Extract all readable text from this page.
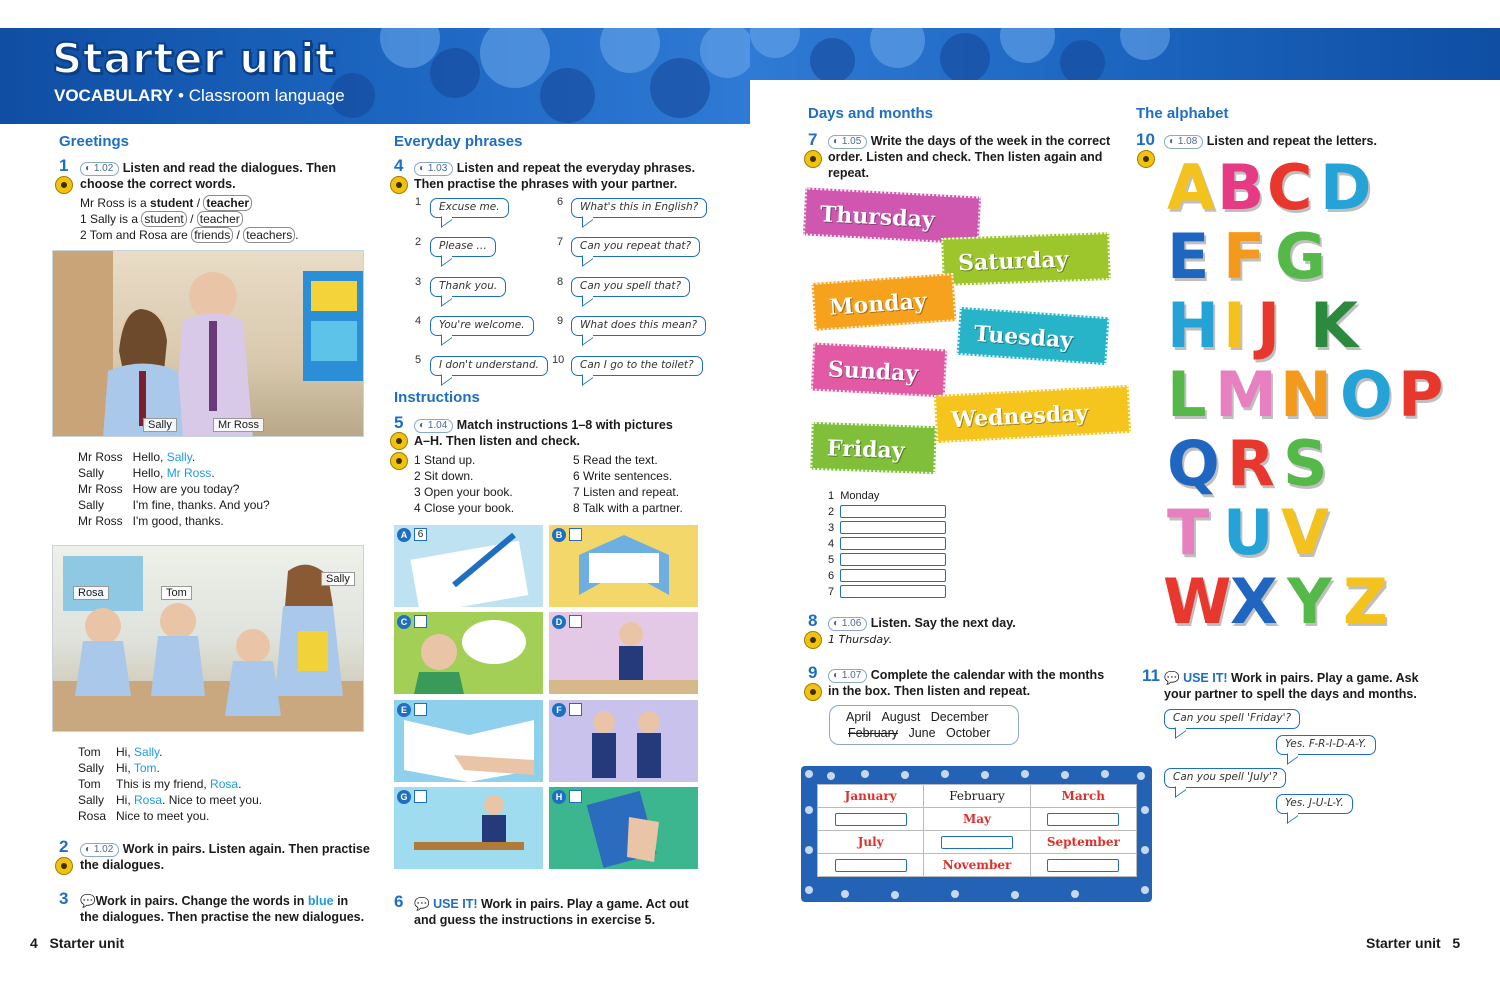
Starter unit
VOCABULARY • Classroom language
Greetings
1	◐ 1.02 Listen and read the dialogues. Then
choose the correct words.
Mr Ross is a student / teacher
1 Sally is a student / teacher
2 Tom and Rosa are friends / teachers .
Sally	Mr Ross
Mr Ross	Hello, Sally.
Sally	Hello, Mr Ross.
Mr Ross	How are you today?
Sally	I'm fine, thanks. And you?
Mr Ross	I'm good, thanks.
Rosa	Tom
Sally
Tom	Hi, Sally.
Sally	Hi, Tom.
Tom	This is my friend, Rosa.
Sally	Hi, Rosa. Nice to meet you.
Rosa	Nice to meet you.
2	◐ 1.02 Work in pairs. Listen again. Then practise
the dialogues.
3 💬Work in pairs. Change the words in blue in
the dialogues. Then practise the new dialogues.
Everyday phrases
4	◐ 1.03 Listen and repeat the everyday phrases.
Then practise the phrases with your partner.
1	Excuse me.
2	Please …
3	Thank you.
4	You're welcome.
5	I don't understand.
6	What's this in English?
7	Can you repeat that?
8	Can you spell that?
9	What does this mean?
10	Can I go to the toilet?
Instructions
5	◐ 1.04 Match instructions 1–8 with pictures
A–H. Then listen and check.
1 Stand up.
2 Sit down.
3 Open your book.
4 Close your book.
5 Read the text.
6 Write sentences.
7 Listen and repeat.
8 Talk with a partner.
A	6	B
C	D
E	F
G	H
6 💬 USE IT! Work in pairs. Play a game. Act out
and guess the instructions in exercise 5.
Days and months
7	◐ 1.05 Write the days of the week in the correct
order. Listen and check. Then listen again and
repeat.
Thursday
Saturday
Monday
Tuesday
Sunday
Wednesday
Friday
1 Monday
2
3
4
5
6
7
8	◐ 1.06 Listen. Say the next day.
1 Thursday.
9	◐ 1.07 Complete the calendar with the months
in the box. Then listen and repeat.
April August December
February June October
January	February	March
	May	
July		September
	November	
The alphabet
10	◐ 1.08 Listen and repeat the letters.
A B C D
E F G
H I J K
L M N O P
Q R S
T U V
W
X Y Z
11 💬 USE IT! Work in pairs. Play a game. Ask
your partner to spell the days and months.
Can you spell 'Friday'?
Yes. F-R-I-D-A-Y.
Can you spell 'July'?
Yes. J-U-L-Y.
4 Starter unit	Starter unit 5
